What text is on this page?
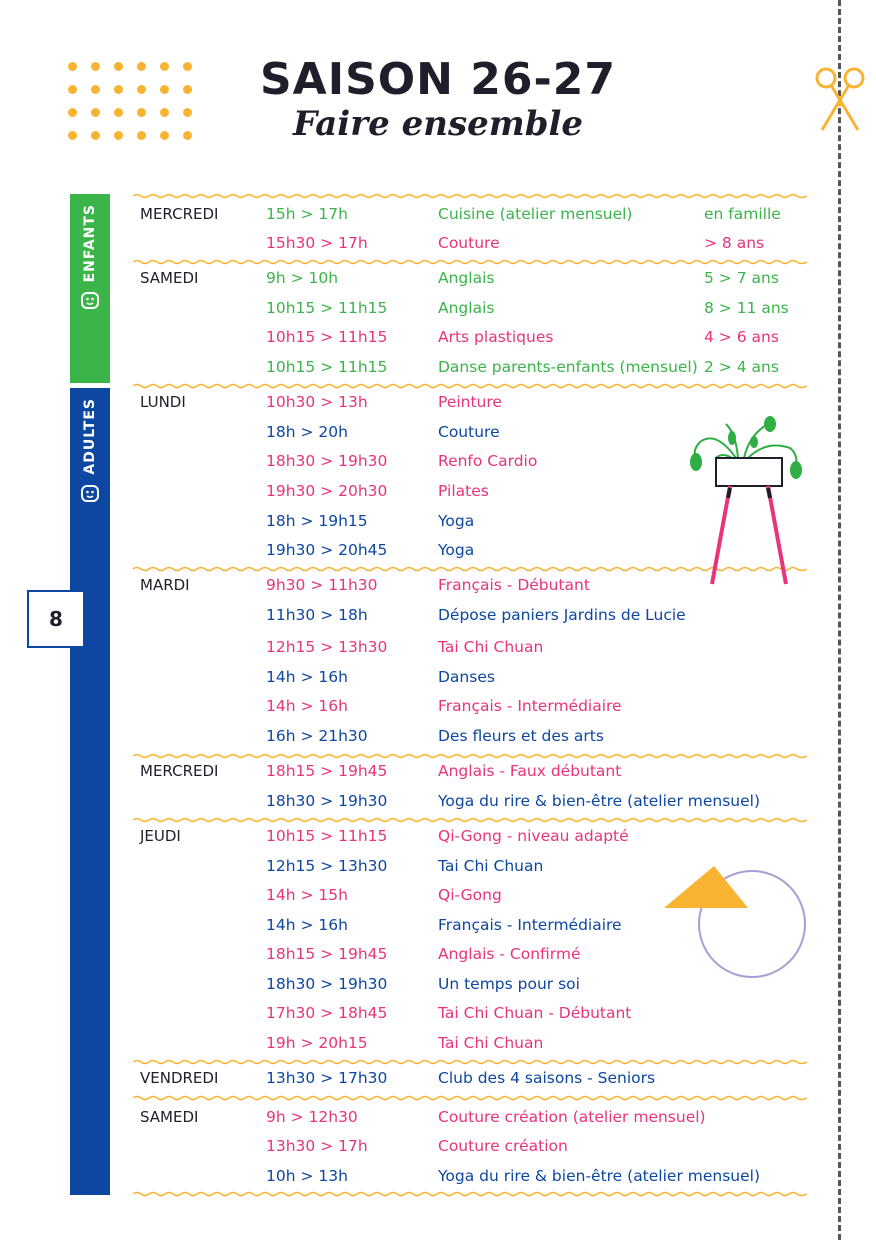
SAISON 26-27
Faire ensemble
ENFANTS
ADULTES
8
MERCREDI	15h > 17h	Cuisine (atelier mensuel)	en famille
15h30 > 17h	Couture	> 8 ans
SAMEDI	9h > 10h	Anglais	5 > 7 ans
10h15 > 11h15	Anglais	8 > 11 ans
10h15 > 11h15	Arts plastiques	4 > 6 ans
10h15 > 11h15	Danse parents-enfants (mensuel) 2 > 4 ans
LUNDI	10h30 > 13h	Peinture
18h > 20h	Couture
18h30 > 19h30	Renfo Cardio
19h30 > 20h30	Pilates
18h > 19h15	Yoga
19h30 > 20h45	Yoga
MARDI	9h30 > 11h30	Français - Débutant
11h30 > 18h	Dépose paniers Jardins de Lucie
12h15 > 13h30	Tai Chi Chuan
14h > 16h	Danses
14h > 16h	Français - Intermédiaire
16h > 21h30	Des fleurs et des arts
MERCREDI	18h15 > 19h45	Anglais - Faux débutant
18h30 > 19h30	Yoga du rire & bien-être (atelier mensuel)
JEUDI	10h15 > 11h15	Qi-Gong - niveau adapté
12h15 > 13h30	Tai Chi Chuan
14h > 15h	Qi-Gong
14h > 16h	Français - Intermédiaire
18h15 > 19h45	Anglais - Confirmé
18h30 > 19h30	Un temps pour soi
17h30 > 18h45	Tai Chi Chuan - Débutant
19h > 20h15	Tai Chi Chuan
VENDREDI	13h30 > 17h30	Club des 4 saisons - Seniors
SAMEDI	9h > 12h30	Couture création (atelier mensuel)
13h30 > 17h	Couture création
10h > 13h	Yoga du rire & bien-être (atelier mensuel)
